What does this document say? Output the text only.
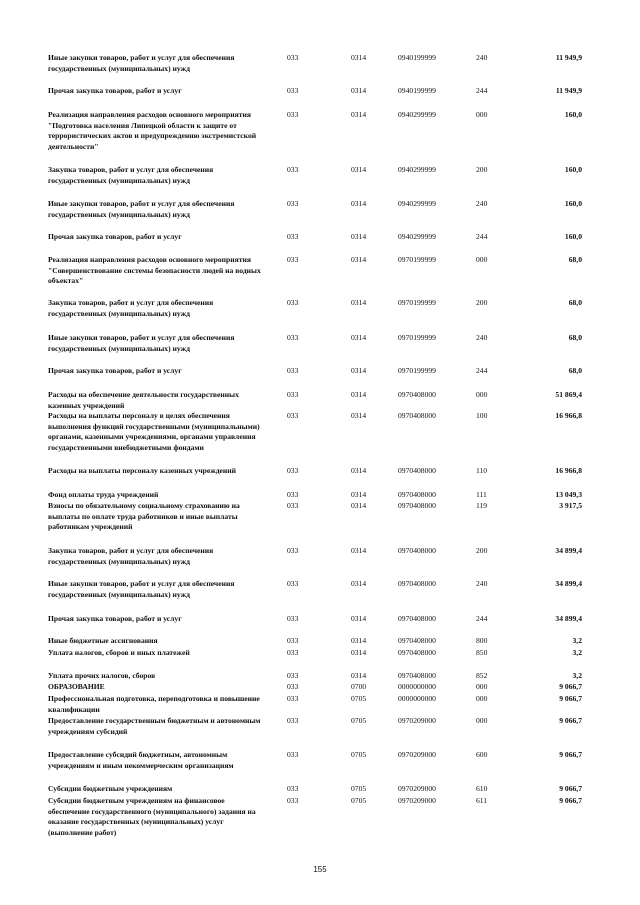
Иные закупки товаров, работ и услуг для обеспечения государственных (муниципальных) нужд
033	0314	0940199999	240	11 949,9
Прочая закупка товаров, работ и услуг	033	0314	0940199999	244	11 949,9
Реализация направления расходов основного мероприятия "Подготовка населения Липецкой области к защите от террористических актов и предупреждению экстремистской деятельности"
033	0314	0940299999	000	160,0
Закупка товаров, работ и услуг для обеспечения государственных (муниципальных) нужд
033	0314	0940299999	200	160,0
Иные закупки товаров, работ и услуг для обеспечения государственных (муниципальных) нужд
033	0314	0940299999	240	160,0
Прочая закупка товаров, работ и услуг	033	0314	0940299999	244	160,0
Реализация направления расходов основного мероприятия "Совершенствование системы безопасности людей на водных объектах"
033	0314	0970199999	000	68,0
Закупка товаров, работ и услуг для обеспечения государственных (муниципальных) нужд
033	0314	0970199999	200	68,0
Иные закупки товаров, работ и услуг для обеспечения государственных (муниципальных) нужд
033	0314	0970199999	240	68,0
Прочая закупка товаров, работ и услуг	033	0314	0970199999	244	68,0
Расходы на обеспечение деятельности государственных казенных учреждений
033	0314	0970408000	000	51 869,4
Расходы на выплаты персоналу в целях обеспечения выполнения функций государственными (муниципальными) органами, казенными учреждениями, органами управления государственными внебюджетными фондами
033	0314	0970408000	100	16 966,8
Расходы на выплаты персоналу казенных учреждений	033	0314	0970408000	110	16 966,8
Фонд оплаты труда учреждений	033	0314	0970408000	111	13 049,3
Взносы по обязательному социальному страхованию на выплаты по оплате труда работников и иные выплаты работникам учреждений
033	0314	0970408000	119	3 917,5
Закупка товаров, работ и услуг для обеспечения государственных (муниципальных) нужд
033	0314	0970408000	200	34 899,4
Иные закупки товаров, работ и услуг для обеспечения государственных (муниципальных) нужд
033	0314	0970408000	240	34 899,4
Прочая закупка товаров, работ и услуг	033	0314	0970408000	244	34 899,4
Иные бюджетные ассигнования	033	0314	0970408000	800	3,2
Уплата налогов, сборов и иных платежей	033	0314	0970408000	850	3,2
Уплата прочих налогов, сборов	033	0314	0970408000	852	3,2
ОБРАЗОВАНИЕ	033	0700	0000000000	000	9 066,7
Профессиональная подготовка, переподготовка и повышение квалификации
033	0705	0000000000	000	9 066,7
Предоставление государственным бюджетным и автономным учреждениям субсидий
033	0705	0970209000	000	9 066,7
Предоставление субсидий бюджетным, автономным учреждениям и иным некоммерческим организациям
033	0705	0970209000	600	9 066,7
Субсидии бюджетным учреждениям	033	0705	0970209000	610	9 066,7
Субсидии бюджетным учреждениям на финансовое обеспечение государственного (муниципального) задания на оказание государственных (муниципальных) услуг (выполнение работ)
033	0705	0970209000	611	9 066,7
155
